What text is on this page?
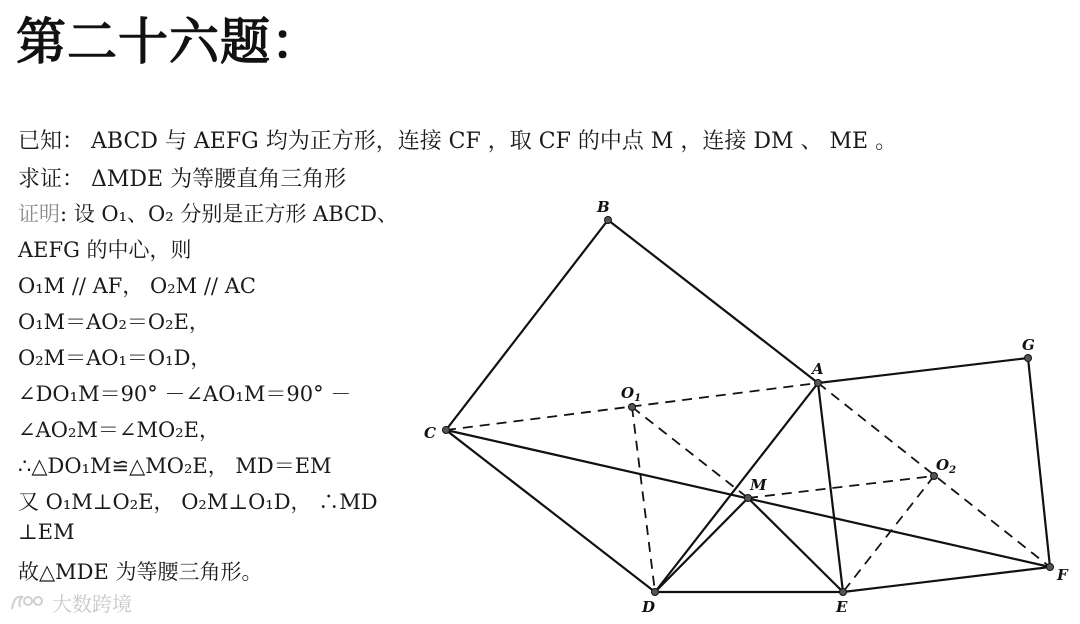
第二十六题：
已知： ABCD 与 AEFG 均为正方形，连接 CF ，取 CF 的中点 M ，连接 DM 、 ME 。
求证： ΔMDE 为等腰直角三角形
证明: 设 O₁、O₂ 分别是正方形 ABCD、
AEFG 的中心，则
O₁M // AF， O₂M // AC
O₁M＝AO₂＝O₂E，
O₂M＝AO₁＝O₁D，
∠DO₁M＝90° －∠AO₁M＝90° －
∠AO₂M＝∠MO₂E，
∴△DO₁M≌△MO₂E， MD＝EM
又 O₁M⊥O₂E， O₂M⊥O₁D， ∴MD
⊥EM
故△MDE 为等腰三角形。
大数跨境
B
A
G
C
$O_1$
M
$O_2$
D	E
F
